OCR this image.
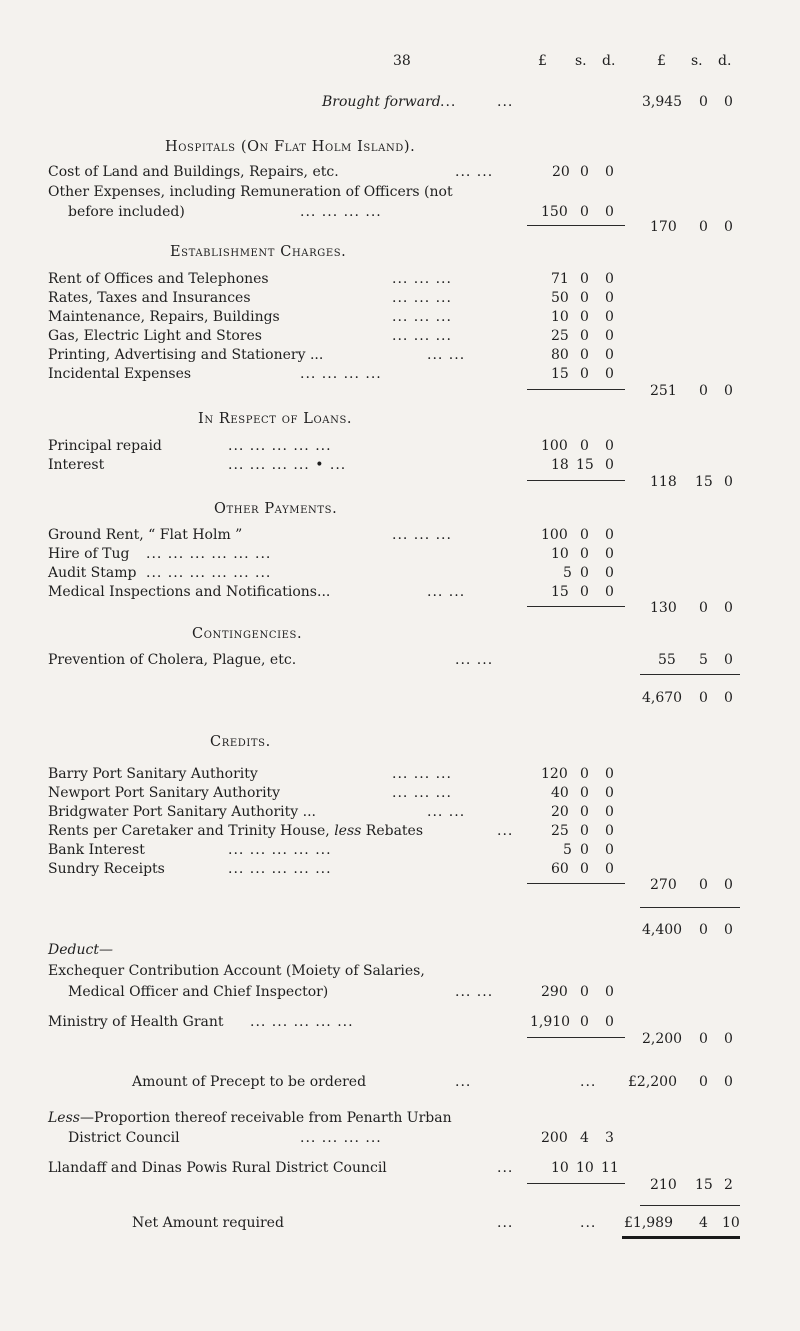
38	£ s. d.	£ s. d.
Brought forward ...	...	3,945 0 0
Hospitals (On Flat Holm Island).
Cost of Land and Buildings, Repairs, etc.	... ...	20 0 0
Other Expenses, including Remuneration of Officers (not
before included)	... ... ... ...	150 0 0
170 0 0
Establishment Charges.
Rent of Offices and Telephones	... ... ...	71 0 0
Rates, Taxes and Insurances	... ... ...	50 0 0
Maintenance, Repairs, Buildings	... ... ...	10 0 0
Gas, Electric Light and Stores	... ... ...	25 0 0
Printing, Advertising and Stationery ...	... ...	80 0 0
Incidental Expenses	... ... ... ...	15 0 0
251 0 0
In Respect of Loans.
Principal repaid	... ... ... ... ...	100 0 0
Interest	... ... ... ... • ...	18 15 0
118 15 0
Other Payments.
Ground Rent, “ Flat Holm ”	... ... ...	100 0 0
Hire of Tug ... ... ... ... ... ...	10 0 0
Audit Stamp ... ... ... ... ... ...	5 0 0
Medical Inspections and Notifications...	... ...	15 0 0
130 0 0
Contingencies.
Prevention of Cholera, Plague, etc.	... ...	55 5 0
4,670 0 0
Credits.
Barry Port Sanitary Authority	... ... ...	120 0 0
Newport Port Sanitary Authority	... ... ...	40 0 0
Bridgwater Port Sanitary Authority ...	... ...	20 0 0
Rents per Caretaker and Trinity House, less Rebates	...	25 0 0
Bank Interest	... ... ... ... ...	5 0 0
Sundry Receipts	... ... ... ... ...	60 0 0
270 0 0
4,400 0 0
Deduct—
Exchequer Contribution Account (Moiety of Salaries,
Medical Officer and Chief Inspector)	... ...	290 0 0
Ministry of Health Grant ... ... ... ... ...	1,910 0 0
2,200 0 0
Amount of Precept to be ordered	...	... £2,200 0 0
Less—Proportion thereof receivable from Penarth Urban
District Council	... ... ... ...	200 4 3
Llandaff and Dinas Powis Rural District Council	...	10 10 11
210 15 2
Net Amount required	...	... £1,989 4 10
